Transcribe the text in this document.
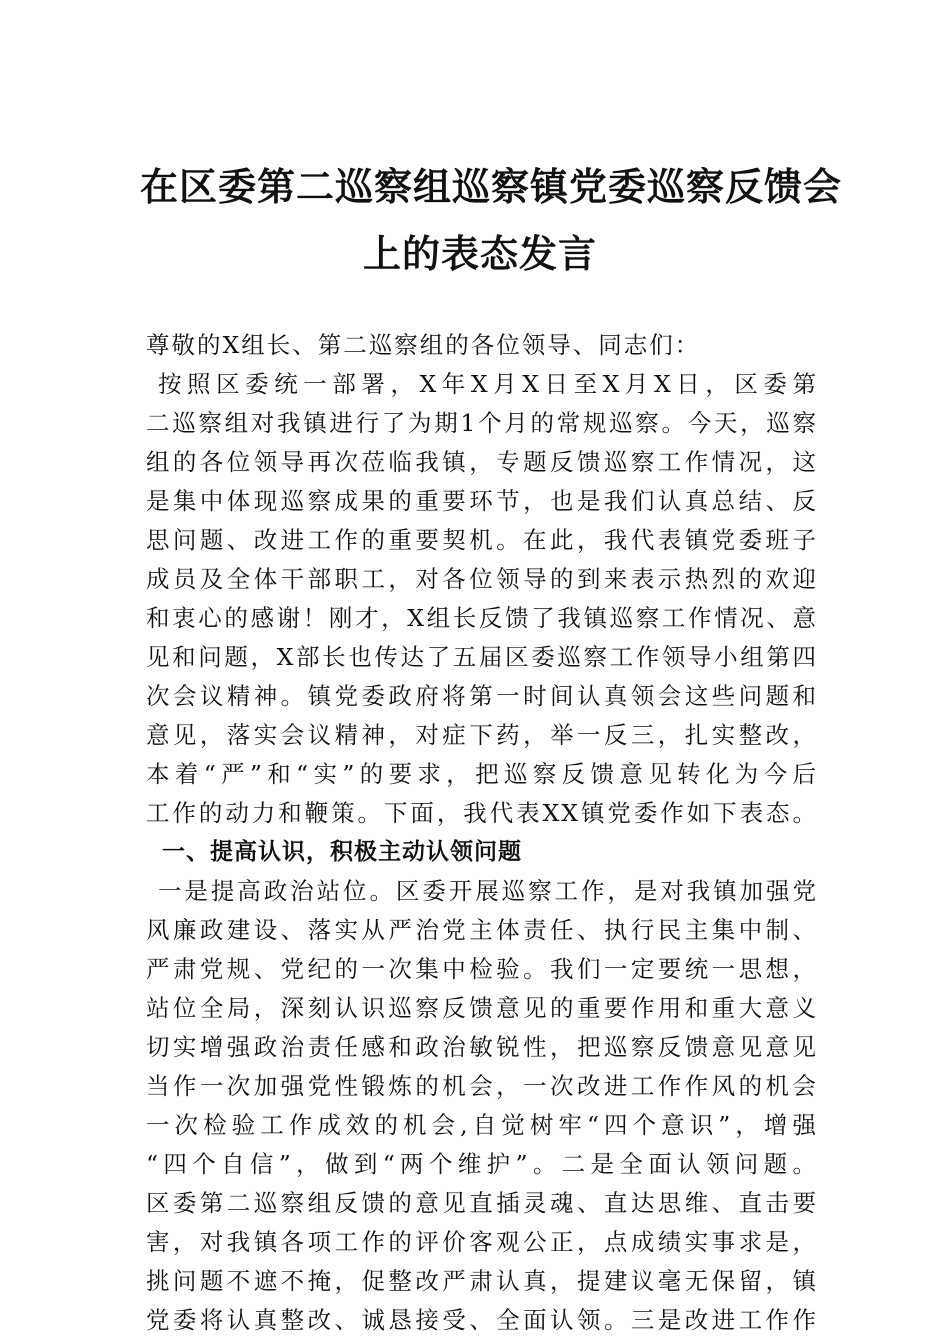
在区委第二巡察组巡察镇党委巡察反馈会
上的表态发言
尊敬的X组长、第二巡察组的各位领导、同志们：
按照区委统一部署，X年X月X日至X月X日，区委第
二巡察组对我镇进行了为期1个月的常规巡察。今天，巡察
组的各位领导再次莅临我镇，专题反馈巡察工作情况，这
是集中体现巡察成果的重要环节，也是我们认真总结、反
思问题、改进工作的重要契机。在此，我代表镇党委班子
成员及全体干部职工，对各位领导的到来表示热烈的欢迎
和衷心的感谢！刚才，X组长反馈了我镇巡察工作情况、意
见和问题，X部长也传达了五届区委巡察工作领导小组第四
次会议精神。镇党委政府将第一时间认真领会这些问题和
意见，落实会议精神，对症下药，举一反三，扎实整改，
本着“严”和“实”的要求，把巡察反馈意见转化为今后
工作的动力和鞭策。下面，我代表XX镇党委作如下表态。
一、提高认识，积极主动认领问题
一是提高政治站位。区委开展巡察工作，是对我镇加强党
风廉政建设、落实从严治党主体责任、执行民主集中制、
严肃党规、党纪的一次集中检验。我们一定要统一思想，
站位全局，深刻认识巡察反馈意见的重要作用和重大意义
切实增强政治责任感和政治敏锐性，把巡察反馈意见意见
当作一次加强党性锻炼的机会，一次改进工作作风的机会
一次检验工作成效的机会,自觉树牢“四个意识”，增强
“四个自信”，做到“两个维护”。二是全面认领问题。
区委第二巡察组反馈的意见直插灵魂、直达思维、直击要
害，对我镇各项工作的评价客观公正，点成绩实事求是，
挑问题不遮不掩，促整改严肃认真，提建议毫无保留，镇
党委将认真整改、诚恳接受、全面认领。三是改进工作作
